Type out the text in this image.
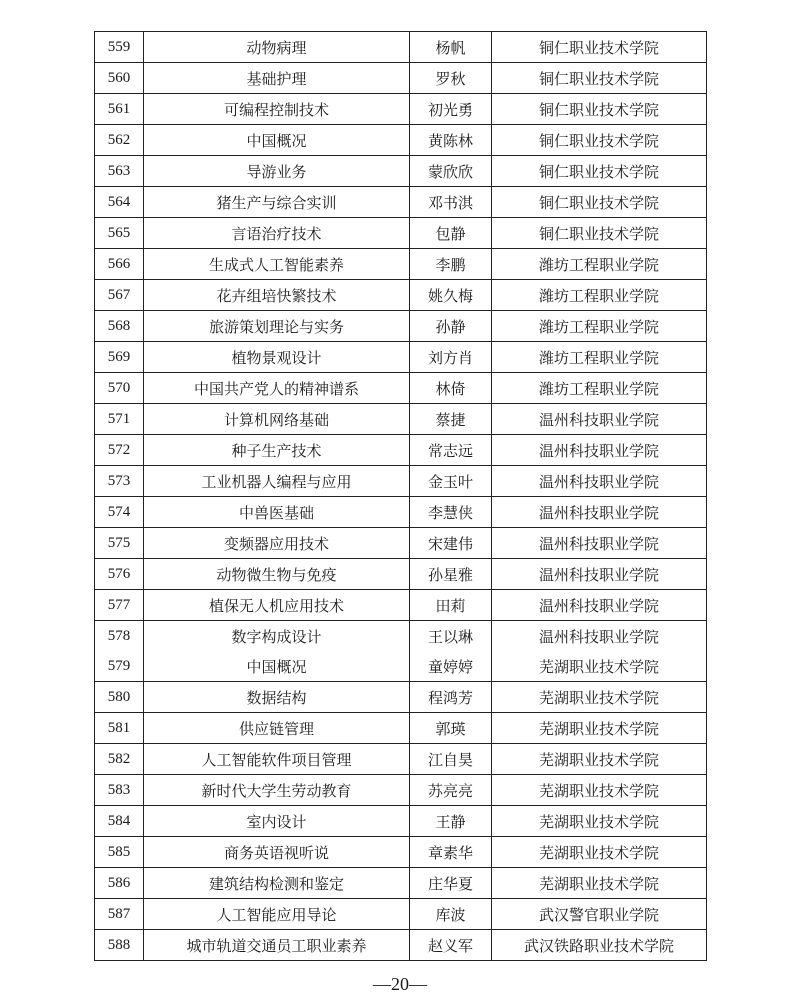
559	动物病理	杨帆	铜仁职业技术学院
560	基础护理	罗秋	铜仁职业技术学院
561	可编程控制技术	初光勇	铜仁职业技术学院
562	中国概况	黄陈林	铜仁职业技术学院
563	导游业务	蒙欣欣	铜仁职业技术学院
564	猪生产与综合实训	邓书淇	铜仁职业技术学院
565	言语治疗技术	包静	铜仁职业技术学院
566	生成式人工智能素养	李鹏	潍坊工程职业学院
567	花卉组培快繁技术	姚久梅	潍坊工程职业学院
568	旅游策划理论与实务	孙静	潍坊工程职业学院
569	植物景观设计	刘方肖	潍坊工程职业学院
570	中国共产党人的精神谱系	林倚	潍坊工程职业学院
571	计算机网络基础	蔡捷	温州科技职业学院
572	种子生产技术	常志远	温州科技职业学院
573	工业机器人编程与应用	金玉叶	温州科技职业学院
574	中兽医基础	李慧侠	温州科技职业学院
575	变频器应用技术	宋建伟	温州科技职业学院
576	动物微生物与免疫	孙星雅	温州科技职业学院
577	植保无人机应用技术	田莉	温州科技职业学院
578	数字构成设计	王以琳	温州科技职业学院
579	中国概况	童婷婷	芜湖职业技术学院
580	数据结构	程鸿芳	芜湖职业技术学院
581	供应链管理	郭瑛	芜湖职业技术学院
582	人工智能软件项目管理	江自昊	芜湖职业技术学院
583	新时代大学生劳动教育	苏亮亮	芜湖职业技术学院
584	室内设计	王静	芜湖职业技术学院
585	商务英语视听说	章素华	芜湖职业技术学院
586	建筑结构检测和鉴定	庄华夏	芜湖职业技术学院
587	人工智能应用导论	库波	武汉警官职业学院
588	城市轨道交通员工职业素养	赵义军	武汉铁路职业技术学院
—20—
